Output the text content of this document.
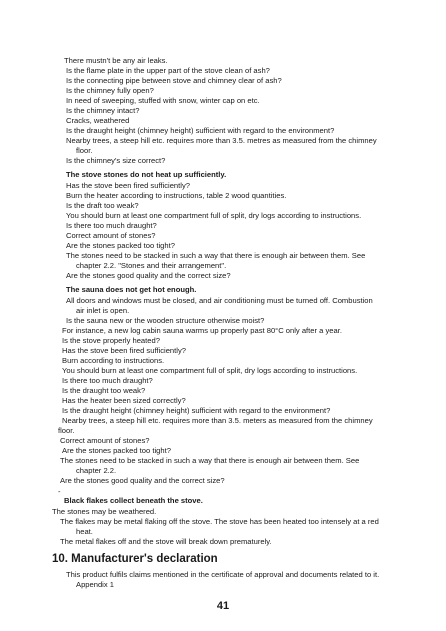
There mustn't be any air leaks.
Is the flame plate in the upper part of the stove clean of ash?
Is the connecting pipe between stove and chimney clear of ash?
Is the chimney fully open?
In need of sweeping, stuffed with snow, winter cap on etc.
Is the chimney intact?
Cracks, weathered
Is the draught height (chimney height) sufficient with regard to the environment?
Nearby trees, a steep hill etc. requires more than 3.5. metres as measured from the chimney
floor.
Is the chimney's size correct?
The stove stones do not heat up sufficiently.
Has the stove been fired sufficiently?
Burn the heater according to instructions, table 2 wood quantities.
Is the draft too weak?
You should burn at least one compartment full of split, dry logs according to instructions.
Is there too much draught?
Correct amount of stones?
Are the stones packed too tight?
The stones need to be stacked in such a way that there is enough air between them. See
chapter 2.2. "Stones and their arrangement".
Are the stones good quality and the correct size?
The sauna does not get hot enough.
All doors and windows must be closed, and air conditioning must be turned off. Combustion
air inlet is open.
Is the sauna new or the wooden structure otherwise moist?
For instance, a new log cabin sauna warms up properly past 80°C only after a year.
Is the stove properly heated?
Has the stove been fired sufficiently?
Burn according to instructions.
You should burn at least one compartment full of split, dry logs according to instructions.
Is there too much draught?
Is the draught too weak?
Has the heater been sized correctly?
Is the draught height (chimney height) sufficient with regard to the environment?
Nearby trees, a steep hill etc. requires more than 3.5. meters as measured from the chimney
floor.
Correct amount of stones?
Are the stones packed too tight?
The stones need to be stacked in such a way that there is enough air between them. See
chapter 2.2.
Are the stones good quality and the correct size?
-
Black flakes collect beneath the stove.
The stones may be weathered.
The flakes may be metal flaking off the stove. The stove has been heated too intensely at a red
heat.
The metal flakes off and the stove will break down prematurely.
10. Manufacturer's declaration
This product fulfils claims mentioned in the certificate of approval and documents related to it.
Appendix 1
41
